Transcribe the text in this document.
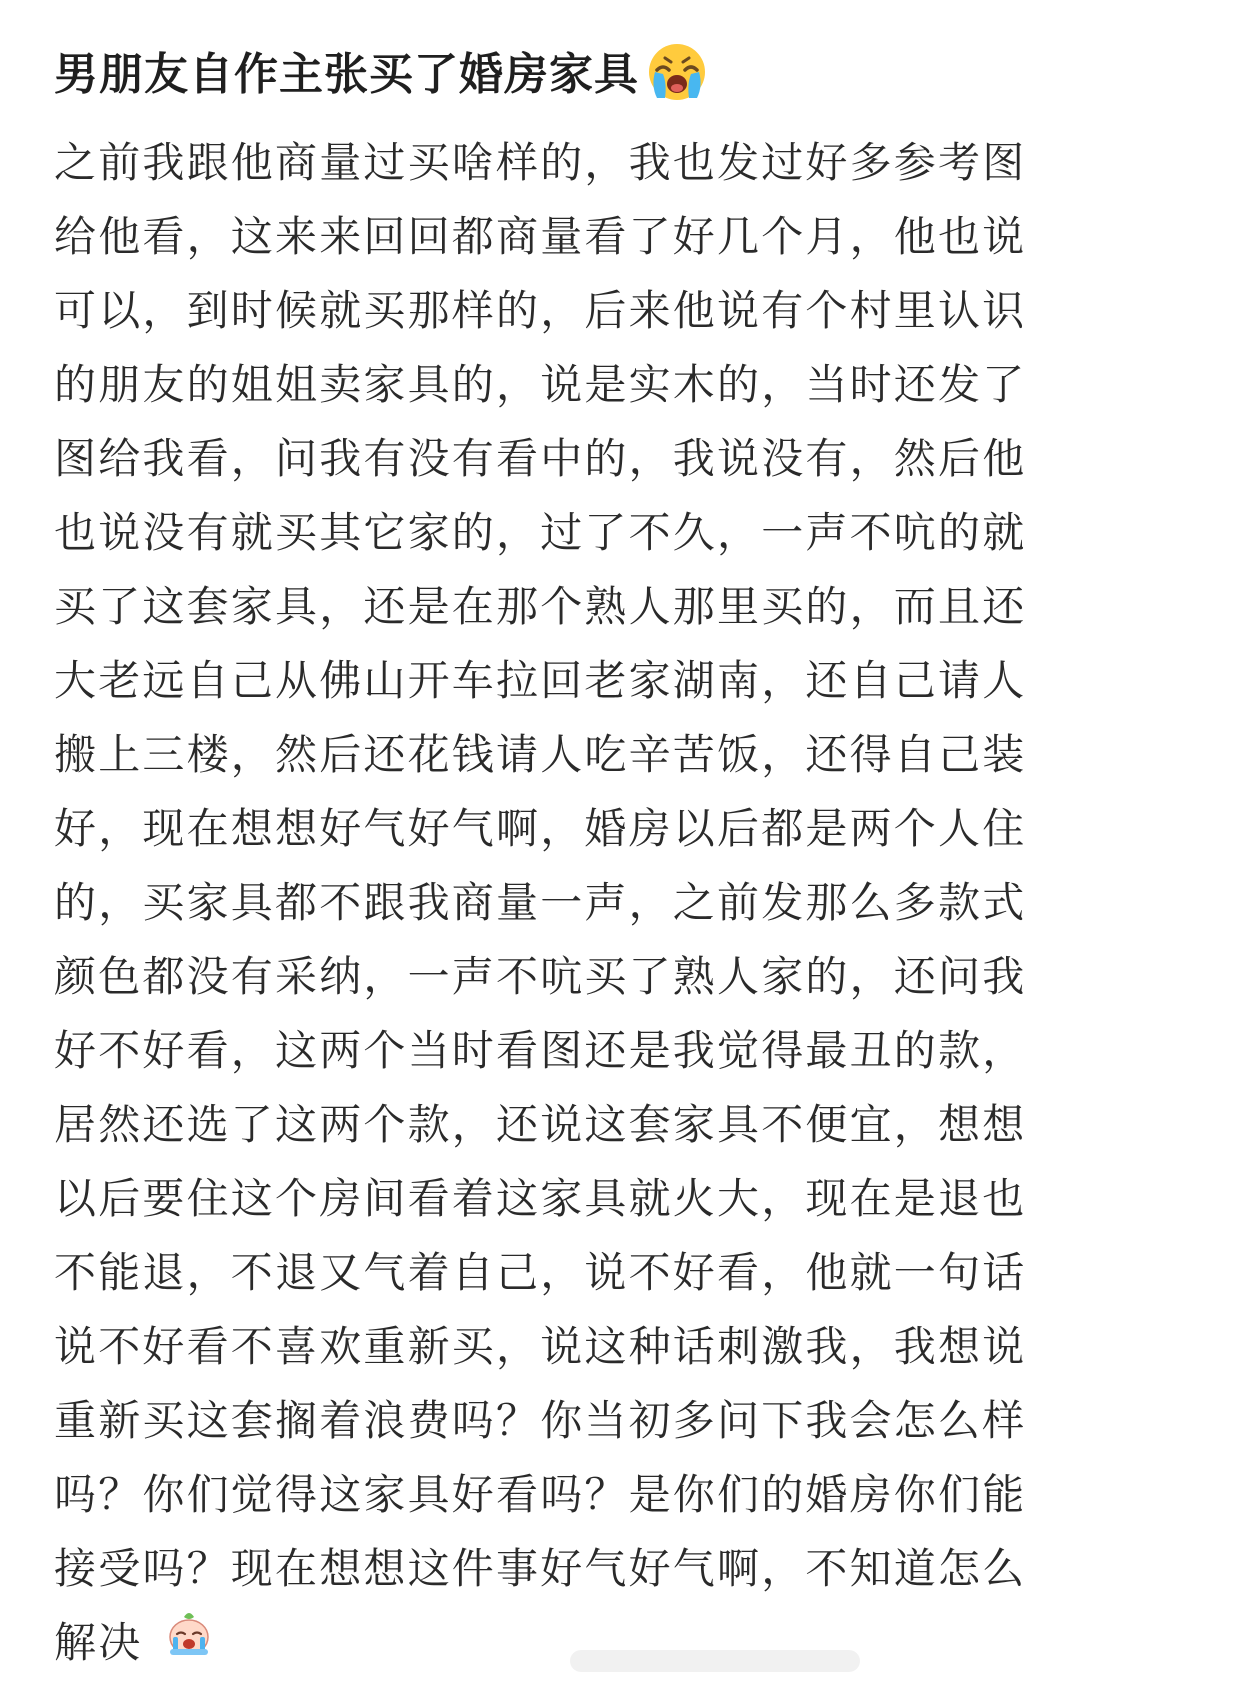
男朋友自作主张买了婚房家具
之前我跟他商量过买啥样的，我也发过好多参考图
给他看，这来来回回都商量看了好几个月，他也说
可以，到时候就买那样的，后来他说有个村里认识
的朋友的姐姐卖家具的，说是实木的，当时还发了
图给我看，问我有没有看中的，我说没有，然后他
也说没有就买其它家的，过了不久，一声不吭的就
买了这套家具，还是在那个熟人那里买的，而且还
大老远自己从佛山开车拉回老家湖南，还自己请人
搬上三楼，然后还花钱请人吃辛苦饭，还得自己装
好，现在想想好气好气啊，婚房以后都是两个人住
的，买家具都不跟我商量一声，之前发那么多款式
颜色都没有采纳，一声不吭买了熟人家的，还问我
好不好看，这两个当时看图还是我觉得最丑的款，
居然还选了这两个款，还说这套家具不便宜，想想
以后要住这个房间看着这家具就火大，现在是退也
不能退，不退又气着自己，说不好看，他就一句话
说不好看不喜欢重新买，说这种话刺激我，我想说
重新买这套搁着浪费吗？你当初多问下我会怎么样
吗？你们觉得这家具好看吗？是你们的婚房你们能
接受吗？现在想想这件事好气好气啊，不知道怎么
解决
